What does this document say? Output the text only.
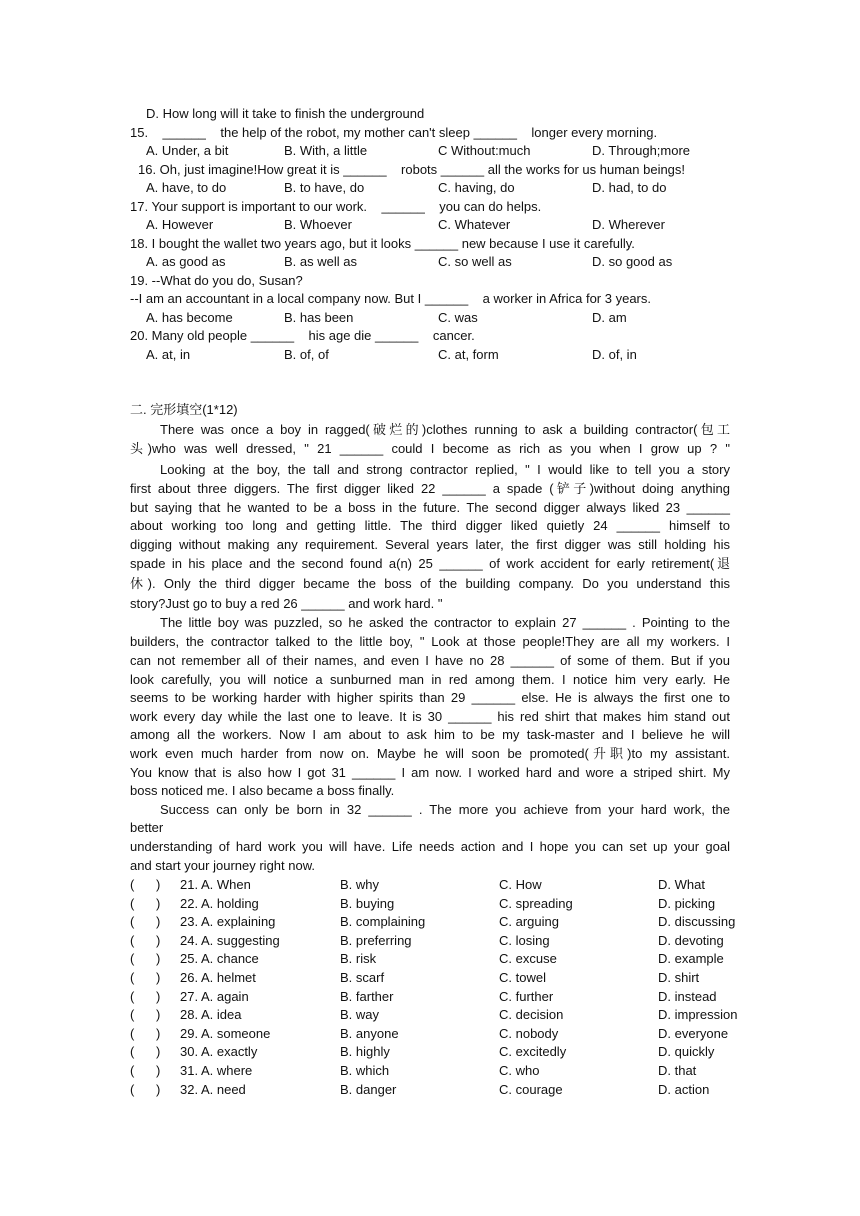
D. How long will it take to finish the underground
15.    ______    the help of the robot, my mother can't sleep ______    longer every morning.
A. Under, a bit	B. With, a little	C Without:much	D. Through;more
16. Oh, just imagine!How great it is ______    robots ______ all the works for us human beings!
A. have, to do	B. to have, do	C. having, do	D. had, to do
17. Your support is important to our work.    ______    you can do helps.
A. However	B. Whoever	C. Whatever	D. Wherever
18. I bought the wallet two years ago, but it looks ______ new because I use it carefully.
A. as good as	B. as well as	C. so well as	D. so good as
19. --What do you do, Susan?
--I am an accountant in a local company now. But I ______    a worker in Africa for 3 years.
A. has become	B. has been	C. was	D. am
20. Many old people ______    his age die ______    cancer.
A. at, in	B. of, of	C. at, form	D. of, in
二. 完形填空(1*12)
There was once a boy in ragged(破烂的)clothes running to ask a building contractor(包工
头)who was well dressed, " 21 ______ could I become as rich as you when I grow up ? "
Looking at the boy, the tall and strong contractor replied, " I would like to tell you a story
first about three diggers. The first digger liked 22 ______ a spade (铲子)without doing anything
but saying that he wanted to be a boss in the future. The second digger always liked 23 ______
about working too long and getting little. The third digger liked quietly 24 ______ himself to
digging without making any requirement. Several years later, the first digger was still holding his
spade in his place and the second found a(n) 25 ______ of work accident for early retirement(退
休). Only the third digger became the boss of the building company. Do you understand this
story?Just go to buy a red 26 ______ and work hard. "
The little boy was puzzled, so he asked the contractor to explain 27 ______ . Pointing to the
builders, the contractor talked to the little boy, " Look at those people!They are all my workers. I
can not remember all of their names, and even I have no 28 ______ of some of them. But if you
look carefully, you will notice a sunburned man in red among them. I notice him very early. He
seems to be working harder with higher spirits than 29 ______ else. He is always the first one to
work every day while the last one to leave. It is 30 ______ his red shirt that makes him stand out
among all the workers. Now I am about to ask him to be my task-master and I believe he will
work even much harder from now on. Maybe he will soon be promoted(升职)to my assistant.
You know that is also how I got 31 ______ I am now. I worked hard and wore a striped shirt. My
boss noticed me. I also became a boss finally.
Success can only be born in 32 ______ . The more you achieve from your hard work, the
better
understanding of hard work you will have. Life needs action and I hope you can set up your goal
and start your journey right now.
(      ) 21. A. When	B. why	C. How	D. What
(      ) 22. A. holding	B. buying	C. spreading	D. picking
(      ) 23. A. explaining	B. complaining	C. arguing	D. discussing
(      ) 24. A. suggesting	B. preferring	C. losing	D. devoting
(      ) 25. A. chance	B. risk	C. excuse	D. example
(      ) 26. A. helmet	B. scarf	C. towel	D. shirt
(      ) 27. A. again	B. farther	C. further	D. instead
(      ) 28. A. idea	B. way	C. decision	D. impression
(      ) 29. A. someone	B. anyone	C. nobody	D. everyone
(      ) 30. A. exactly	B. highly	C. excitedly	D. quickly
(      ) 31. A. where	B. which	C. who	D. that
(      ) 32. A. need	B. danger	C. courage	D. action
